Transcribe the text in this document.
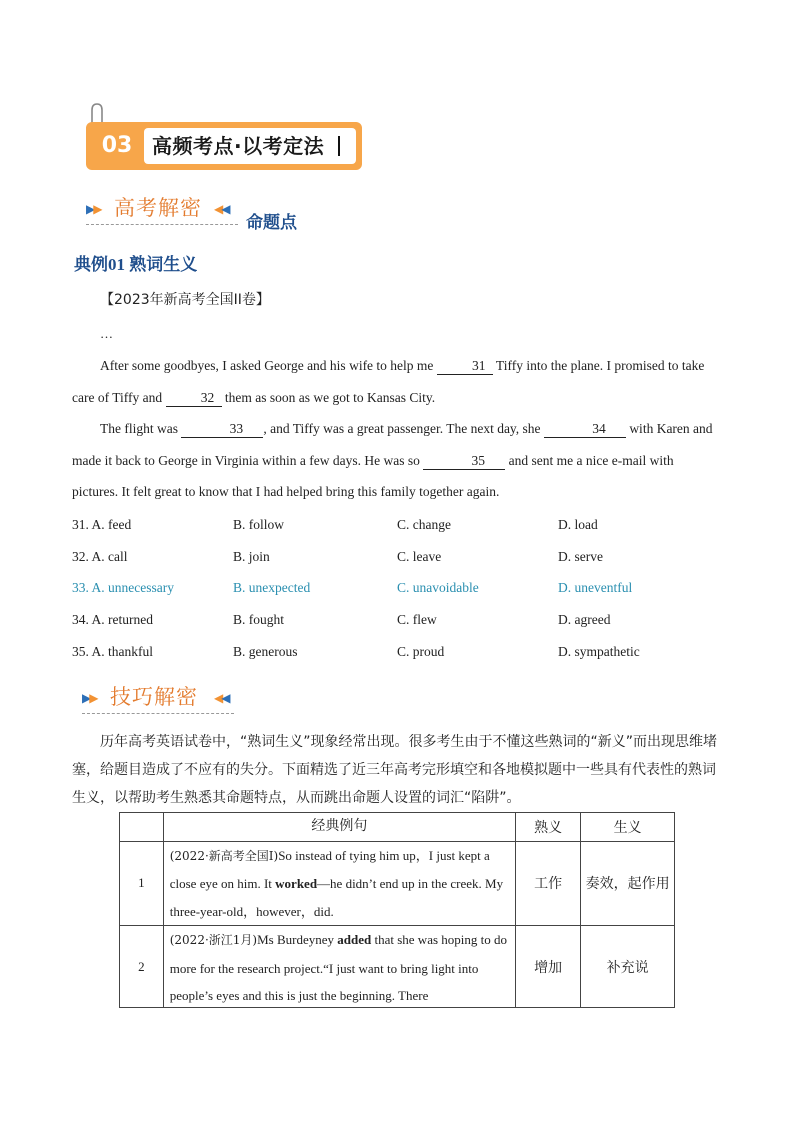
03 高频考点·以考定法
▶▶ 高考解密 ◀◀
命题点
典例01 熟词生义
【2023年新高考全国II卷】
…
After some goodbyes, I asked George and his wife to help me	31 Tiffy into the plane. I promised to take care of Tiffy and	32 them as soon as we got to Kansas City.
The flight was	33 , and Tiffy was a great passenger. The next day, she	34 with Karen and made it back to George in Virginia within a few days. He was so	35 and sent me a nice e-mail with pictures. It felt great to know that I had helped bring this family together again.
31. A. feed	B. follow	C. change	D. load
32. A. call	B. join	C. leave	D. serve
33. A. unnecessary	B. unexpected	C. unavoidable	D. uneventful
34. A. returned	B. fought	C. flew	D. agreed
35. A. thankful	B. generous	C. proud	D. sympathetic
▶▶ 技巧解密 ◀◀
历年高考英语试卷中，“熟词生义”现象经常出现。很多考生由于不懂这些熟词的“新义”而出现思维堵塞，给题目造成了不应有的失分。下面精选了近三年高考完形填空和各地模拟题中一些具有代表性的熟词生义，以帮助考生熟悉其命题特点，从而跳出命题人设置的词汇“陷阱”。
	经典例句	熟义	生义
1	(2022·新高考全国Ⅰ)So instead of tying him up，I just kept a close eye on him. It worked—he didn’t end up in the creek. My three-year-old，however，did.	工作	奏效，起作用
2	(2022·浙江1月)Ms Burdeyney added that she was hoping to do more for the research project.“I just want to bring light into people’s eyes and this is just the beginning. There	增加	补充说
